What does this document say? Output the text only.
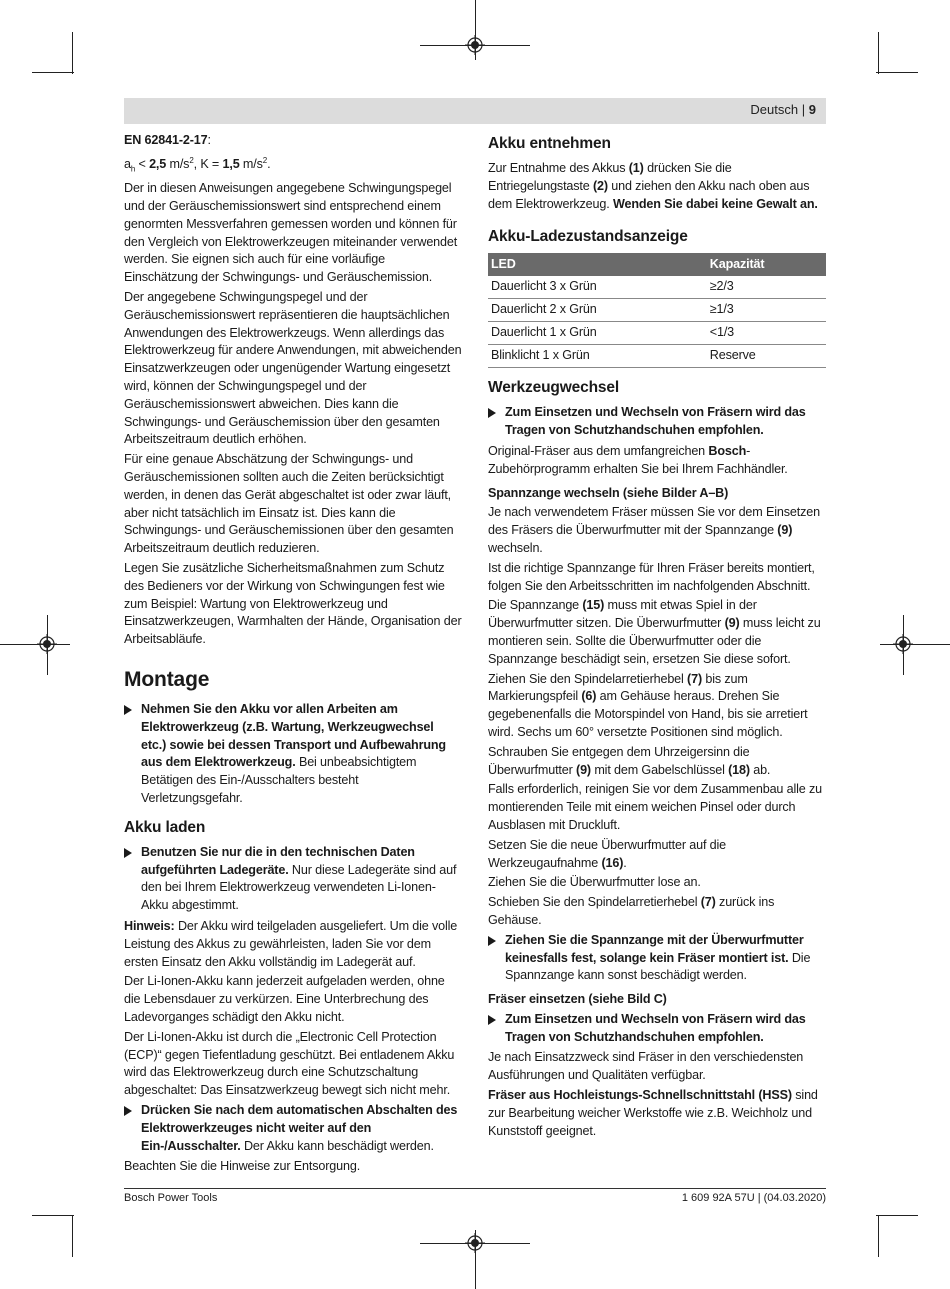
Deutsch | 9

EN 62841-2-17:

$a_h < 2,5$ $m/s^2$, K = 1,5 $m/s^2$.

Der in diesen Anweisungen angegebene Schwingungspegel und der Geräuschemissionswert sind entsprechend einem genormten Messverfahren gemessen worden und können für den Vergleich von Elektrowerkzeugen miteinander verwendet werden. Sie eignen sich auch für eine vorläufige Einschätzung der Schwingungs- und Geräuschemission.

Der angegebene Schwingungspegel und der Geräuschemissionswert repräsentieren die hauptsächlichen Anwendungen des Elektrowerkzeugs. Wenn allerdings das Elektrowerkzeug für andere Anwendungen, mit abweichenden Einsatzwerkzeugen oder ungenügender Wartung eingesetzt wird, können der Schwingungspegel und der Geräuschemissionswert abweichen. Dies kann die Schwingungs- und Geräuschemission über den gesamten Arbeitszeitraum deutlich erhöhen.

Für eine genaue Abschätzung der Schwingungs- und Geräuschemissionen sollten auch die Zeiten berücksichtigt werden, in denen das Gerät abgeschaltet ist oder zwar läuft, aber nicht tatsächlich im Einsatz ist. Dies kann die Schwingungs- und Geräuschemissionen über den gesamten Arbeitszeitraum deutlich reduzieren.

Legen Sie zusätzliche Sicherheitsmaßnahmen zum Schutz des Bedieners vor der Wirkung von Schwingungen fest wie zum Beispiel: Wartung von Elektrowerkzeug und Einsatzwerkzeugen, Warmhalten der Hände, Organisation der Arbeitsabläufe.

Montage
Nehmen Sie den Akku vor allen Arbeiten am Elektrowerkzeug (z.B. Wartung, Werkzeugwechsel etc.) sowie bei dessen Transport und Aufbewahrung aus dem Elektrowerkzeug. Bei unbeabsichtigtem Betätigen des Ein-/Ausschalters besteht Verletzungsgefahr.
Akku laden
Benutzen Sie nur die in den technischen Daten aufgeführten Ladegeräte. Nur diese Ladegeräte sind auf den bei Ihrem Elektrowerkzeug verwendeten Li-Ionen-Akku abgestimmt.

Hinweis: Der Akku wird teilgeladen ausgeliefert. Um die volle Leistung des Akkus zu gewährleisten, laden Sie vor dem ersten Einsatz den Akku vollständig im Ladegerät auf.

Der Li-Ionen-Akku kann jederzeit aufgeladen werden, ohne die Lebensdauer zu verkürzen. Eine Unterbrechung des Ladevorganges schädigt den Akku nicht.

Der Li-Ionen-Akku ist durch die „Electronic Cell Protection (ECP)“ gegen Tiefentladung geschützt. Bei entladenem Akku wird das Elektrowerkzeug durch eine Schutzschaltung abgeschaltet: Das Einsatzwerkzeug bewegt sich nicht mehr.

Drücken Sie nach dem automatischen Abschalten des Elektrowerkzeuges nicht weiter auf den Ein-/Ausschalter. Der Akku kann beschädigt werden.

Beachten Sie die Hinweise zur Entsorgung.

Akku entnehmen

Zur Entnahme des Akkus (1) drücken Sie die Entriegelungstaste (2) und ziehen den Akku nach oben aus dem Elektrowerkzeug. Wenden Sie dabei keine Gewalt an.

Akku-Ladezustandsanzeige
LED	Kapazität
Dauerlicht 3 x Grün	≥2/3
Dauerlicht 2 x Grün	≥1/3
Dauerlicht 1 x Grün	<1/3
Blinklicht 1 x Grün	Reserve
Werkzeugwechsel
Zum Einsetzen und Wechseln von Fräsern wird das Tragen von Schutzhandschuhen empfohlen.

Original-Fräser aus dem umfangreichen Bosch-Zubehörprogramm erhalten Sie bei Ihrem Fachhändler.

Spannzange wechseln (siehe Bilder A–B)

Je nach verwendetem Fräser müssen Sie vor dem Einsetzen des Fräsers die Überwurfmutter mit der Spannzange (9) wechseln.

Ist die richtige Spannzange für Ihren Fräser bereits montiert, folgen Sie den Arbeitsschritten im nachfolgenden Abschnitt.

Die Spannzange (15) muss mit etwas Spiel in der Überwurfmutter sitzen. Die Überwurfmutter (9) muss leicht zu montieren sein. Sollte die Überwurfmutter oder die Spannzange beschädigt sein, ersetzen Sie diese sofort.

Ziehen Sie den Spindelarretierhebel (7) bis zum Markierungspfeil (6) am Gehäuse heraus. Drehen Sie gegebenenfalls die Motorspindel von Hand, bis sie arretiert wird. Sechs um 60° versetzte Positionen sind möglich.

Schrauben Sie entgegen dem Uhrzeigersinn die Überwurfmutter (9) mit dem Gabelschlüssel (18) ab.

Falls erforderlich, reinigen Sie vor dem Zusammenbau alle zu montierenden Teile mit einem weichen Pinsel oder durch Ausblasen mit Druckluft.

Setzen Sie die neue Überwurfmutter auf die Werkzeugaufnahme (16).

Ziehen Sie die Überwurfmutter lose an.

Schieben Sie den Spindelarretierhebel (7) zurück ins Gehäuse.

Ziehen Sie die Spannzange mit der Überwurfmutter keinesfalls fest, solange kein Fräser montiert ist. Die Spannzange kann sonst beschädigt werden.
Fräser einsetzen (siehe Bild C)
Zum Einsetzen und Wechseln von Fräsern wird das Tragen von Schutzhandschuhen empfohlen.

Je nach Einsatzzweck sind Fräser in den verschiedensten Ausführungen und Qualitäten verfügbar.

Fräser aus Hochleistungs-Schnellschnittstahl (HSS) sind zur Bearbeitung weicher Werkstoffe wie z.B. Weichholz und Kunststoff geeignet.

Bosch Power Tools	1 609 92A 57U | (04.03.2020)
